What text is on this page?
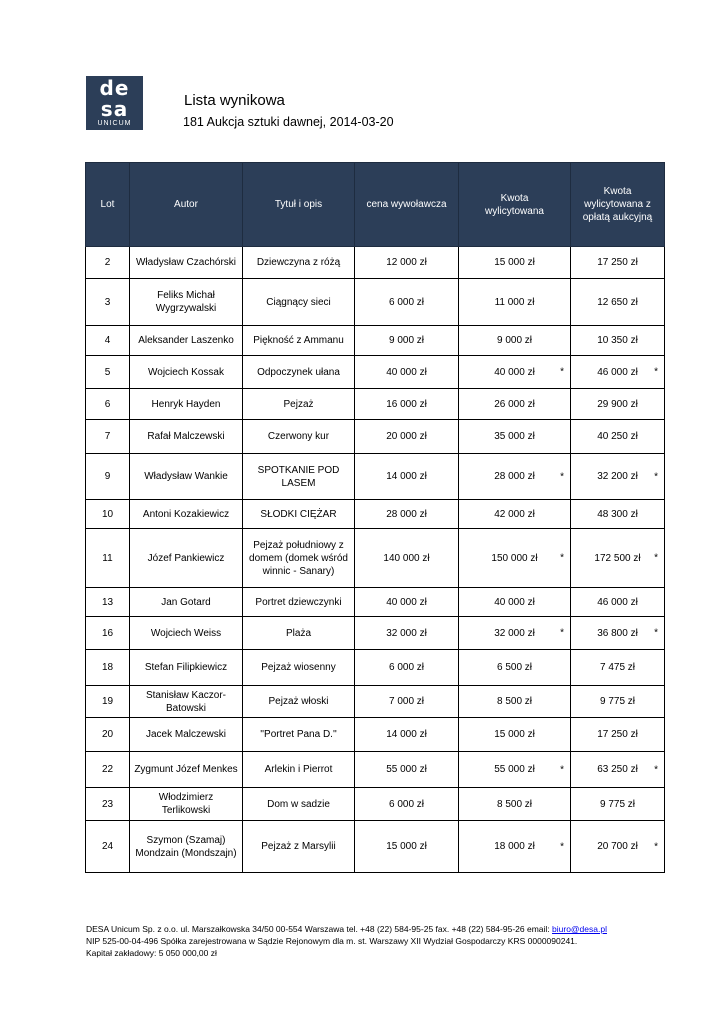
de
sa
UNICUM
Lista wynikowa
181 Aukcja sztuki dawnej, 2014-03-20
Lot	Autor	Tytuł i opis	cena wywoławcza	Kwota wylicytowana	Kwota wylicytowana z opłatą aukcyjną
2	Władysław Czachórski	Dziewczyna z różą	12 000 zł	15 000 zł	17 250 zł

3	Feliks Michał Wygrzywalski	Ciągnący sieci	6 000 zł	11 000 zł	12 650 zł

4	Aleksander Laszenko	Piękność z Ammanu	9 000 zł	9 000 zł	10 350 zł

5	Wojciech Kossak	Odpoczynek ułana	40 000 zł	40 000 zł *	46 000 zł *

6	Henryk Hayden	Pejzaż	16 000 zł	26 000 zł	29 900 zł

7	Rafał Malczewski	Czerwony kur	20 000 zł	35 000 zł	40 250 zł

9	Władysław Wankie	SPOTKANIE POD LASEM	14 000 zł	28 000 zł *	32 200 zł *

10	Antoni Kozakiewicz	SŁODKI CIĘŻAR	28 000 zł	42 000 zł	48 300 zł

11	Józef Pankiewicz	Pejzaż południowy z domem (domek wśród winnic - Sanary)	140 000 zł	150 000 zł *	172 500 zł *

13	Jan Gotard	Portret dziewczynki	40 000 zł	40 000 zł	46 000 zł

16	Wojciech Weiss	Plaża	32 000 zł	32 000 zł *	36 800 zł *

18	Stefan Filipkiewicz	Pejzaż wiosenny	6 000 zł	6 500 zł	7 475 zł

19	Stanisław Kaczor-Batowski	Pejzaż włoski	7 000 zł	8 500 zł	9 775 zł

20	Jacek Malczewski	''Portret Pana D.''	14 000 zł	15 000 zł	17 250 zł

22	Zygmunt Józef Menkes	Arlekin i Pierrot	55 000 zł	55 000 zł *	63 250 zł *

23	Włodzimierz Terlikowski	Dom w sadzie	6 000 zł	8 500 zł	9 775 zł

24	Szymon (Szamaj) Mondzain (Mondszajn)	Pejzaż z Marsylii	15 000 zł	18 000 zł *	20 700 zł *
DESA Unicum Sp. z o.o. ul. Marszałkowska 34/50 00-554 Warszawa tel. +48 (22) 584-95-25 fax. +48 (22) 584-95-26 email: biuro@desa.pl
NIP 525-00-04-496 Spółka zarejestrowana w Sądzie Rejonowym dla m. st. Warszawy XII Wydział Gospodarczy KRS 0000090241.
Kapitał zakładowy: 5 050 000,00 zł
